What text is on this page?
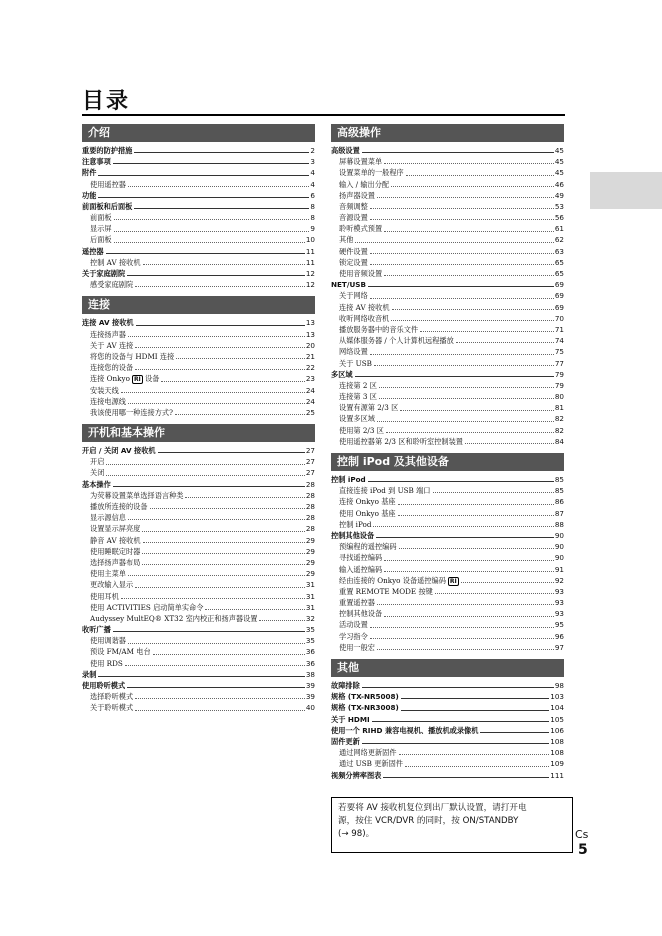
目录
介绍
重要的防护措施	2
注意事项	3
附件	4
使用遥控器	4
功能	6
前面板和后面板	8
前面板	8
显示屏	9
后面板	10
遥控器	11
控制 AV 接收机	11
关于家庭剧院	12
感受家庭剧院	12
连接
连接 AV 接收机	13
连接扬声器	13
关于 AV 连接	20
将您的设备与 HDMI 连接	21
连接您的设备	22
连接 Onkyo RI 设备	23
安装天线	24
连接电源线	24
我该使用哪一种连接方式?	25
开机和基本操作
开启 / 关闭 AV 接收机	27
开启	27
关闭	27
基本操作	28
为荧幕设置菜单选择语言种类	28
播放所连接的设备	28
显示源信息	28
设置显示屏亮度	28
静音 AV 接收机	29
使用睡眠定时器	29
选择扬声器布局	29
使用主菜单	29
更改输入显示	31
使用耳机	31
使用 ACTIVITIES 启动简单实命令	31
Audyssey MultEQ® XT32 室内校正和扬声器设置	32
收听广播	35
使用调谐器	35
预设 FM/AM 电台	36
使用 RDS	36
录制	38
使用聆听模式	39
选择聆听模式	39
关于聆听模式	40
高级操作
高级设置	45
屏幕设置菜单	45
设置菜单的一般程序	45
输入 / 输出分配	46
扬声器设置	49
音频调整	53
音源设置	56
聆听模式预置	61
其他	62
硬件设置	63
锁定设置	65
使用音频设置	65
NET/USB	69
关于网络	69
连接 AV 接收机	69
收听网络收音机	70
播放服务器中的音乐文件	71
从媒体服务器 / 个人计算机远程播放	74
网络设置	75
关于 USB	77
多区域	79
连接第 2 区	79
连接第 3 区	80
设置有源第 2/3 区	81
设置多区域	82
使用第 2/3 区	82
使用遥控器第 2/3 区和聆听室控制装置	84
控制 iPod 及其他设备
控制 iPod	85
直接连接 iPod 到 USB 端口	85
连接 Onkyo 基座	86
使用 Onkyo 基座	87
控制 iPod	88
控制其他设备	90
预编程的遥控编码	90
寻找遥控编码	90
输入遥控编码	91
经由连接的 Onkyo 设备遥控编码 RI	92
重置 REMOTE MODE 按键	93
重置遥控器	93
控制其他设备	93
活动设置	95
学习指令	96
使用一般宏	97
其他
故障排除	98
规格 (TX-NR5008)	103
规格 (TX-NR3008)	104
关于 HDMI	105
使用一个 RIHD 兼容电视机、播放机或录像机	106
固件更新	108
通过网络更新固件	108
通过 USB 更新固件	109
视频分辨率图表	111
若要将 AV 接收机复位到出厂默认设置，请打开电
源，按住 VCR/DVR 的同时，按 ON/STANDBY
(→ 98)。	Cs
5
